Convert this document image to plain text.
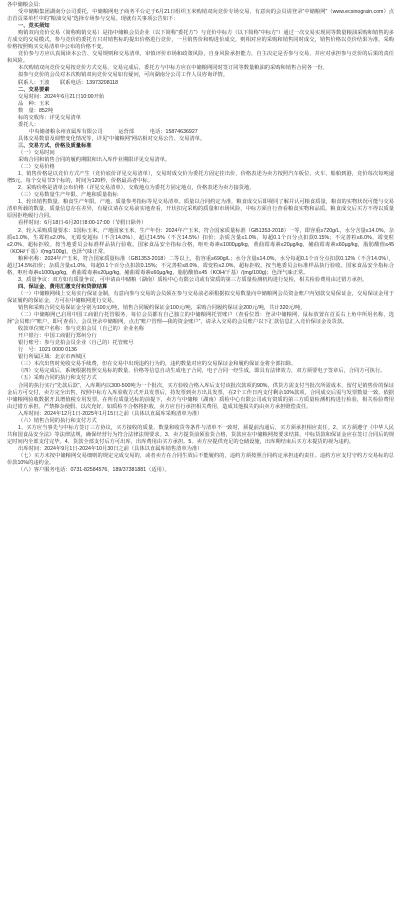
各中储粮会员：

受中储粮集团湖南分公司委托，中储粮网电子商务平台定于6月21日组织玉米购销双向竞价专场交易，有意向的会员请登录“中储粮网”（www.ecsinograin.com）点击首页菜单栏中的“粮油交易”选择专场参与交易。现就有关事项公告如下：

一、竞买须知

购销双向竞价交易（简称购销交易）是指中储粮会员企业（以下简称“委托方”）与竞价中标方（以下简称“中标方”）通过一次交易实现同等数量粮油采购和销售的多方成交的交易模式。参与竞价的委托方只对销售标的提出价格进行竞价，一旦销售价和购进价成交，则相对应的采购和销售同时成交，销售价格以竞价结果为准，采购价格按照购买交易清单中公布的价格不变。

竞价参与方应认真阅读本公告、交易规则和交易清单，审慎评价市场和政策风险，自身风险承担能力，自主决定是否参与交易，并应对承担参与竞价的后果的责任和风险。

本次购销双向竞价交易按竞价方式交易，交易完成后，委托方与中标方应在中储粮网同时签订同等数量粮油的采购和销售合同各一份。

拟参与竞价的会员对本次购销双向竞价交易如有疑问，可向湖南分公司工作人员咨询详情。

联系人：王波　　联系电话：13973208118

二、交易要素

交易时间：2024年6月21日10:00开始

品　种：玉米

数　量：852吨

标的交收库：详见交易清单

委托人：

中央储备粮永州直属库有限公司　　　运营部　　　电话：15874636927

具体交易数量及调整变化情况等，详见“中储粮网”网站相对交易公告、交易清单。

三、交易方式、价格及质量标准

（一）交易时间

采购合同和销售合同的履约期限和出入库作业期限详见交易清单。

（二）交易价格

1、销售价格是以竞价方式产生（竞价底价详见交易清单），交易时成交价为委托方固定挂出价，价格表述为卖方按照汽车板位、火车、船舶到港，竞价每次每吨递增5元。每个交易节3个标的，时间为120秒，价格最高者中标。

2、采购价格是清单公布价格（详见交易清单），交收地点为委托方固定地点，价格表述为卖方接货地。

（三）交易数量生产年限、产地和质量指标

1、轮出销售数量、粮食生产年限、产地、质量参考指标等见交易清单。质量以合同约定为准，粮食成交后即视同了解并认可粮食质量，粮食的实物状况可能与交易清单所载的数量、质量信息存在差异，有疑议请在交易前实地查看，开状扣完采购的质量和市场风险，中标方须自行查看粮食实物和品质。粮食成交后买方不得以质量原因拒绝履行合同。

看样时间：6月18日-6月20日8:00-17:00（节假日除外）

2、轮入采购质量要求：1国标玉米，产地国家玉米，生产年份：2024年产玉米，符合国家质量标准（GB1353-2018）一等，即容重≥720g/L，水分含量≤14.0%，杂质≤1.0%，生霉粒≤2.0%，无霉变超标（不含14.0%），超过14.5%（不含14.5%）扣价；杂质含量≤1.0%，每超0.1个百分点扣款0.15%；不完善粒≤6.0%，霉变粒≤2.0%，超标拒收。按当地委员会标准样品执行验收。国家食品安全指标合格，呕吐毒素≤1000μg/kg，黄曲霉毒素≤20μg/kg，赭曲霉毒素≤60μg/kg，脂肪酸值≤45（KOH/千基）/(mg/100g)，色泽气味正常。

粮种名称：2024年产玉米，符合国家质量标准（GB1353-2018）二等以上，指容重≥690g/L；水分含量≤14.0%，水分每超0.1个百分点扣款0.12%（不含14.0%），超过14.5%扣价；杂质含量≤1.0%，每超0.1个百分点扣款0.15%；不完善粒≤8.0%，霉变粒≤2.0%，超标拒收。按当地委员会标准样品执行验收。国家食品安全指标合格，呕吐毒素≤1000μg/kg，黄曲霉毒素≤20μg/kg，赭曲霉毒素≤60μg/kg，脂肪酸值≤45（KOH/千基）/(mg/100g)；色泽气味正常。

3、质量争议：双方如有质量争议，可申请由中储粮（湖南）质检中心有限公司或有资质的第三方质量检测机构进行复检，相关检验费用由过错方承担。

四、保证金、费用汇缴支付和贷款结算

（一）中储粮网线上交易实行保证金制，有意向参与交易的会员须在参与交易前必须根据拟交易数量向中储粮网会员资金账户内划款交易保证金，交易保证金用于保证履约的保证金，方可在中储粮网进行交易。

销售和采购合同交易保证金分别为100元/吨，销售合同履约保证金100元/吨，采购合同履约保证金200元/吨，共计320元/吨。

（二）中储粮网已启用中国工商银行托管服务，每位会员都有自己独立的中储粮网托管账户（查看位置：登录中储粮网，鼠标放置在首页右上角中所用名称，选择“会员账户”账户，即可查看）。会员登录中储粮网，点击“账户管理—我的资金账户”，请录入交易的会员账户以下汇款信息汇入竞价保证金及货款。

收款单位账户名称：参与竞拍会员（自己的）企业名称

开户银行：中国工商银行郑州分行

银行账号：参与竞拍会员企业（自己的）托管账号

行　号：1021 0000 0136

银行所属区域：北京市西城区

（三）本次出售时免收交易手续费，但在交易中出现违约行为的，违约数量对应的交易保证金和履约保证金将全部扣除。

（四）交易完成后，系统根据按照交易标的数量、价格等信息自动生成电子合同，电子合同一经生成，即具有法律效力，双方须要电子签章后，合同方可执行。

（五）采购合同的执行和支付方式

合同的执行实行“先款后款”，入库期内以300-500吨为一个批次，买方验收合格入库后支付该批次款项的90%，供货方需支付当批次所需成本，留付足销售价的保证金后方可交付，卖方完全出售，按照中标方入库验收方式开具发票后，持发票到卖方出具发票，在2个工作日内支付剩余10%款项，合同成交后需与发票数量一致。依据中储粮网验收数据开具增值税专用发票，在所有质量达标的前提下，卖方与中储粮（湖南）质检中心有限公司或有资质的第三方质量检测机构进行检验，相关检验费用由过错方承担。严禁掺杂使假、以次充好。如质检不合格将拒收，卖方应自行承担相关费用，造成其他损失的由卖方承担赔偿责任。

入库时间：2024年12月1日-2025年1月15日之前（具体以直属库采购清单为准）

（六）销售合同的执行和支付方式

1、买方应当事先与中标方签订三方协议，买方接收的质量、数量和收货等条件与清单不一致时，须提前沟通后，买方须承担相应责任。2、买方须遵守《中华人民共和国食品安全法》等法律法规，确保经营行为符合法律法规要求。3、卖方提货前须验货合格，货款应在中储粮网按要求结算，中标货款和保证金应在签订合同后的规定时间内全部支付完毕。4、货款全部支付后方可出库，出库费用由买方承担。5、卖方应提供充足的仓储设施，出库期结束后买方未提货的视为违约。

出库时间：2024年9月1日-2024年10月30日之前（具体以直属库销售清单为准）

（七）买方未按中储粮网交易细则的规定完成交易的，或者卖方在合同生效后不能履约的，违约方须按照合同约定承担违约责任。违约方应支付守约方交易标的总价款10%的违约金。

（八）客户服务电话：0731-82584576，189/37381881（适用）。
